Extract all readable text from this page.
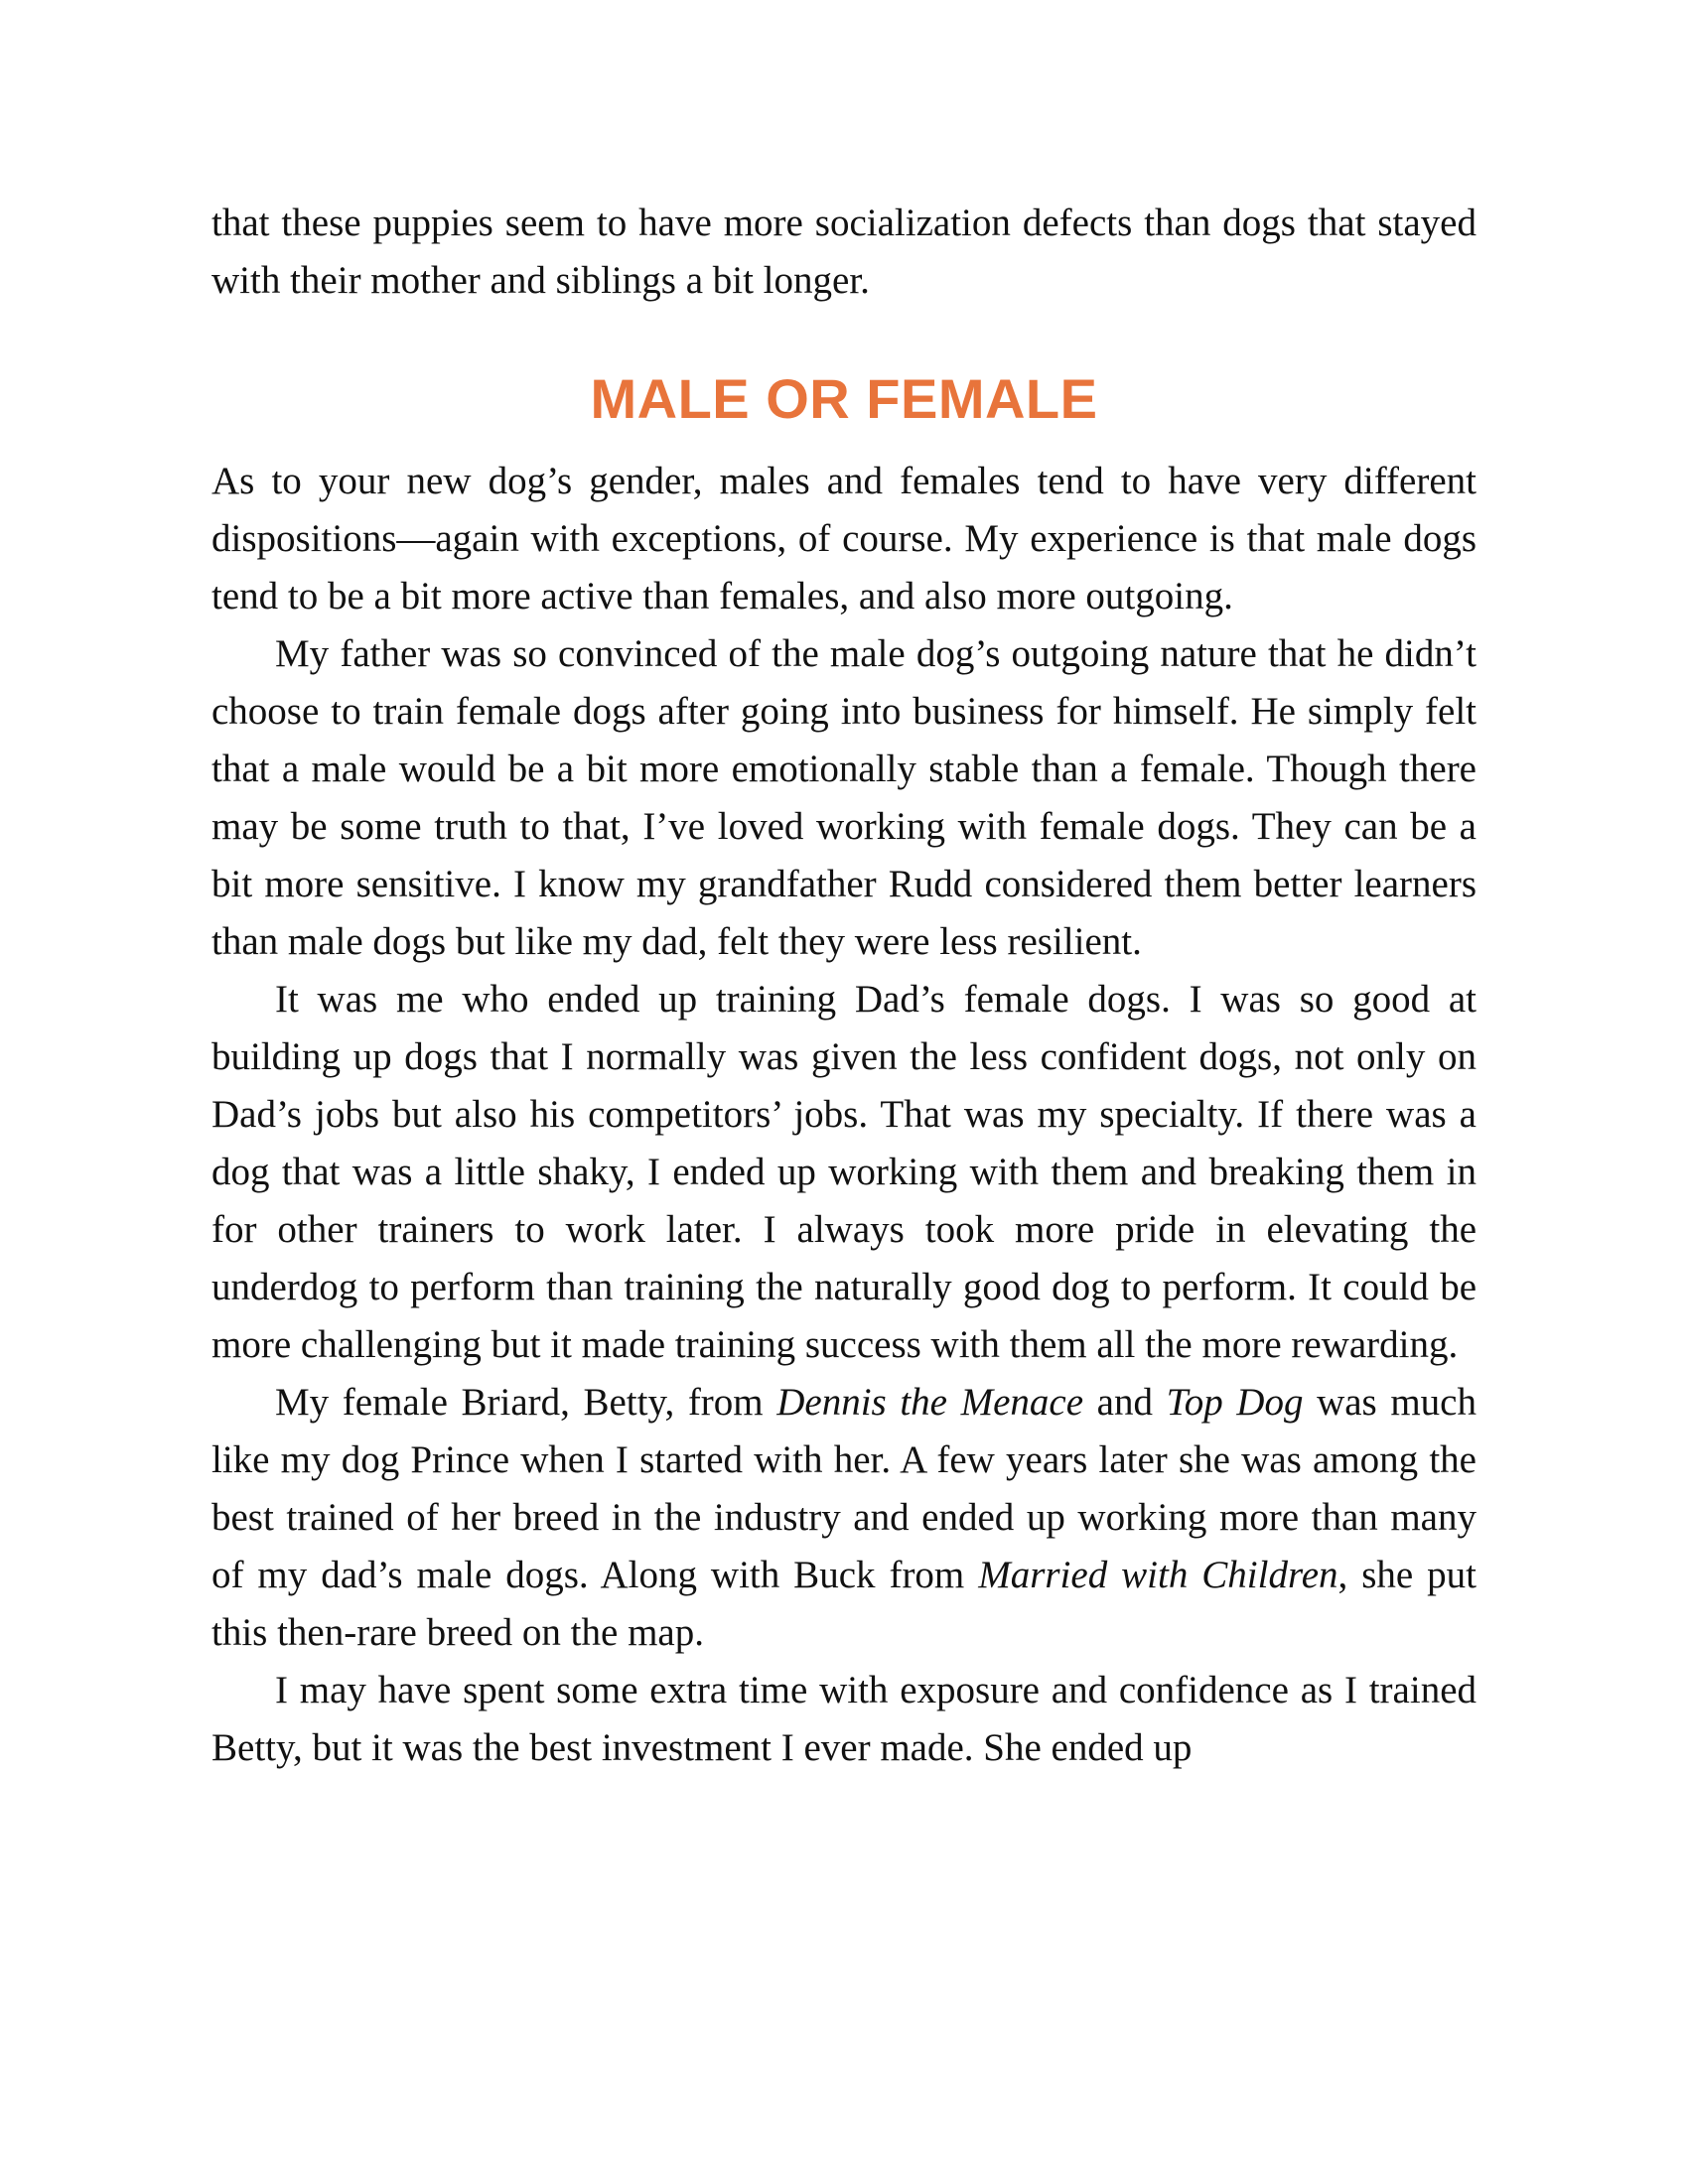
that these puppies seem to have more socialization defects than dogs that stayed with their mother and siblings a bit longer.

MALE OR FEMALE

As to your new dog’s gender, males and females tend to have very different dispositions—again with exceptions, of course. My experience is that male dogs tend to be a bit more active than females, and also more outgoing.

My father was so convinced of the male dog’s outgoing nature that he didn’t choose to train female dogs after going into business for himself. He simply felt that a male would be a bit more emotionally stable than a female. Though there may be some truth to that, I’ve loved working with female dogs. They can be a bit more sensitive. I know my grandfather Rudd considered them better learners than male dogs but like my dad, felt they were less resilient.

It was me who ended up training Dad’s female dogs. I was so good at building up dogs that I normally was given the less confident dogs, not only on Dad’s jobs but also his competitors’ jobs. That was my specialty. If there was a dog that was a little shaky, I ended up working with them and breaking them in for other trainers to work later. I always took more pride in elevating the underdog to perform than training the naturally good dog to perform. It could be more challenging but it made training success with them all the more rewarding.

My female Briard, Betty, from Dennis the Menace and Top Dog was much like my dog Prince when I started with her. A few years later she was among the best trained of her breed in the industry and ended up working more than many of my dad’s male dogs. Along with Buck from Married with Children, she put this then-rare breed on the map.

I may have spent some extra time with exposure and confidence as I trained Betty, but it was the best investment I ever made. She ended up
